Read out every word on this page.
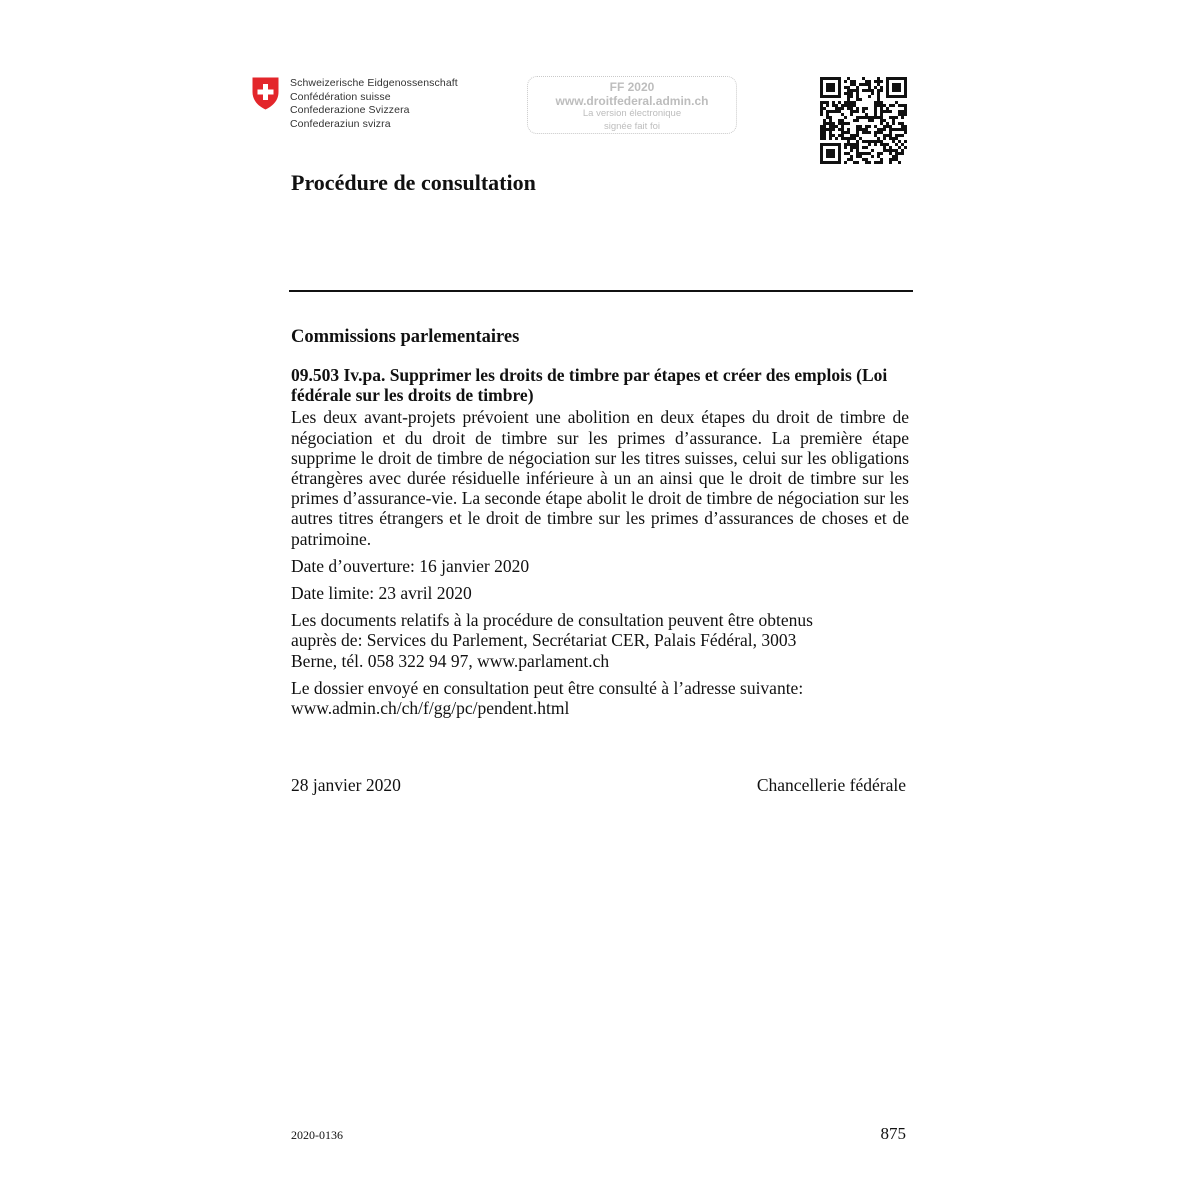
Schweizerische Eidgenossenschaft
Confédération suisse
Confederazione Svizzera
Confederaziun svizra
FF 2020
www.droitfederal.admin.ch
La version électronique
signée fait foi
Procédure de consultation
Commissions parlementaires
09.503 Iv.pa. Supprimer les droits de timbre par étapes et créer des emplois (Loi fédérale sur les droits de timbre)
Les deux avant-projets prévoient une abolition en deux étapes du droit de timbre de négociation et du droit de timbre sur les primes d’assurance. La première étape supprime le droit de timbre de négociation sur les titres suisses, celui sur les obligations étrangères avec durée résiduelle inférieure à un an ainsi que le droit de timbre sur les primes d’assurance-vie. La seconde étape abolit le droit de timbre de négociation sur les autres titres étrangers et le droit de timbre sur les primes d’assurances de choses et de patrimoine.
Date d’ouverture: 16 janvier 2020
Date limite: 23 avril 2020
Les documents relatifs à la procédure de consultation peuvent être obtenus auprès de: Services du Parlement, Secrétariat CER, Palais Fédéral, 3003 Berne, tél. 058 322 94 97, www.parlament.ch
Le dossier envoyé en consultation peut être consulté à l’adresse suivante:
www.admin.ch/ch/f/gg/pc/pendent.html
28 janvier 2020	Chancellerie fédérale
2020-0136	875
